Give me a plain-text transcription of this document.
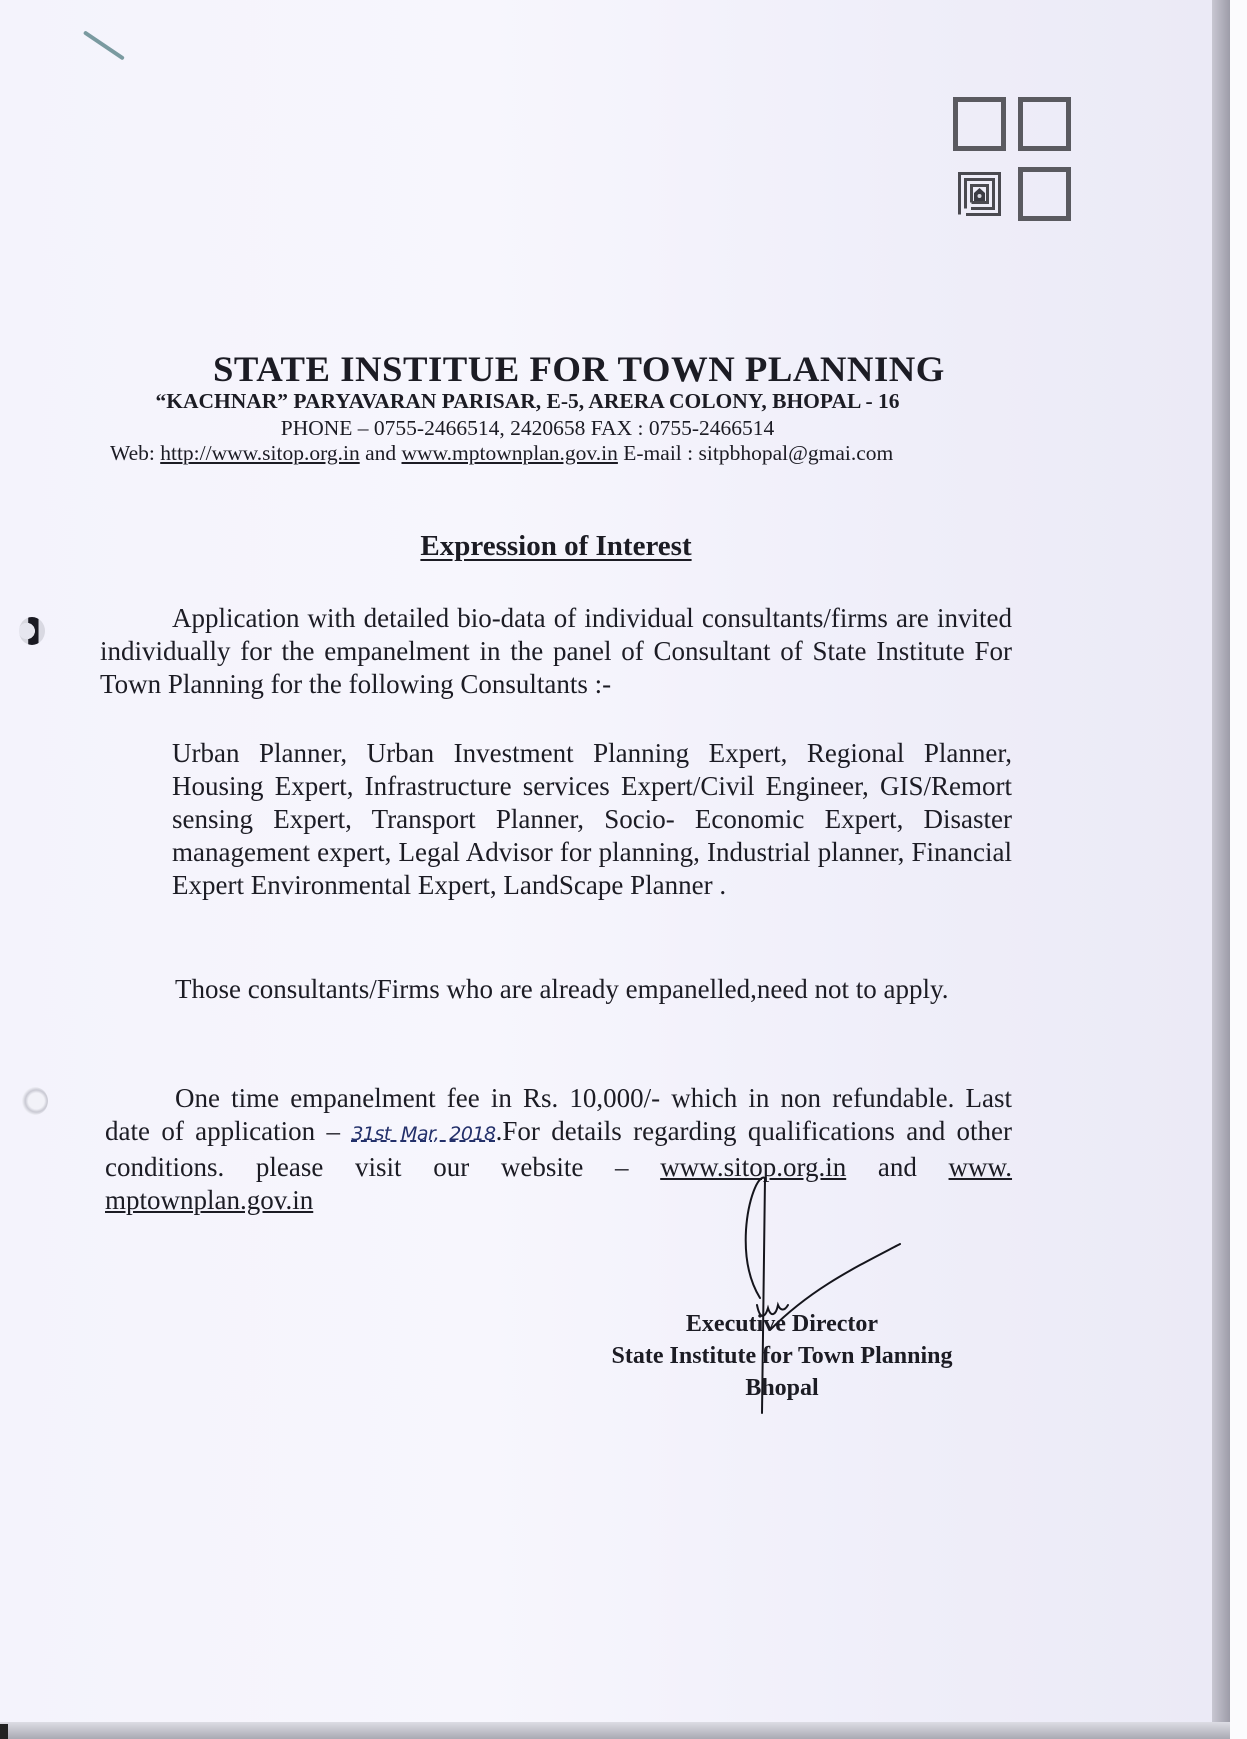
STATE INSTITUE FOR TOWN PLANNING
“KACHNAR” PARYAVARAN PARISAR, E-5, ARERA COLONY, BHOPAL - 16
PHONE – 0755-2466514, 2420658 FAX : 0755-2466514
Web: http://www.sitop.org.in and www.mptownplan.gov.in E-mail : sitpbhopal@gmai.com
Expression of Interest
Application with detailed bio-data of individual consultants/firms are invited individually for the empanelment in the panel of Consultant of State Institute For Town Planning for the following Consultants :-
Urban Planner, Urban Investment Planning Expert, Regional Planner, Housing Expert, Infrastructure services Expert/Civil Engineer, GIS/Remort sensing Expert, Transport Planner, Socio- Economic Expert, Disaster management expert, Legal Advisor for planning, Industrial planner, Financial Expert Environmental Expert, LandScape Planner .
Those consultants/Firms who are already empanelled,need not to apply.
One time empanelment fee in Rs. 10,000/- which in non refundable. Last date of application – 31st Mar, 2018.For details regarding qualifications and other conditions. please visit our website – www.sitop.org.in and www. mptownplan.gov.in
Executive Director
State Institute for Town Planning
Bhopal
